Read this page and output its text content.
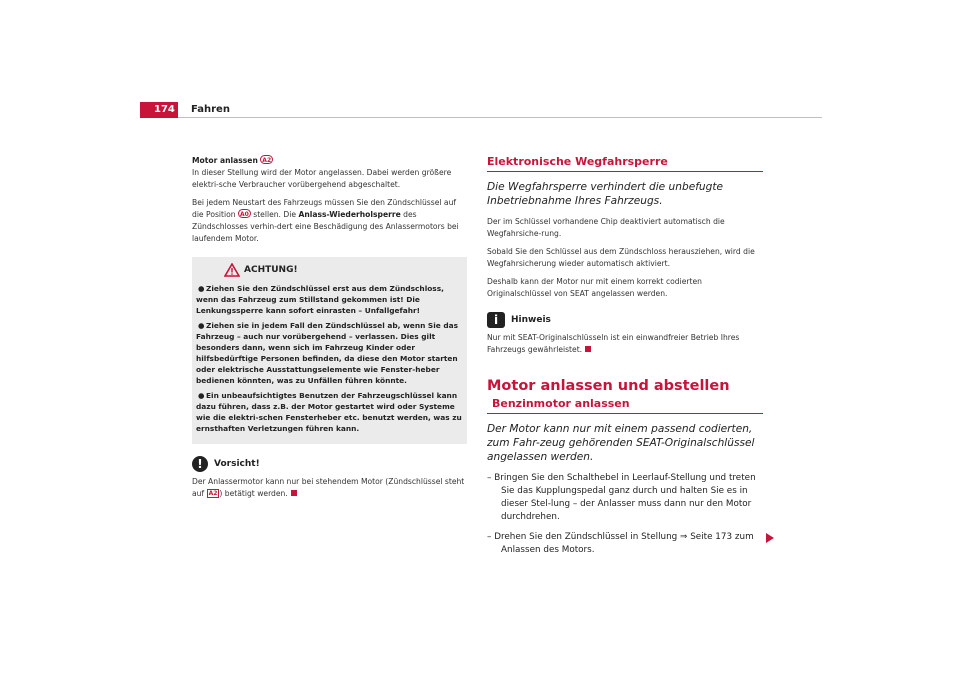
174	Fahren

Motor anlassen A2
In dieser Stellung wird der Motor angelassen. Dabei werden größere elektri-sche Verbraucher vorübergehend abgeschaltet.

Bei jedem Neustart des Fahrzeugs müssen Sie den Zündschlüssel auf die Position A0 stellen. Die Anlass-Wiederholsperre des Zündschlosses verhin-dert eine Beschädigung des Anlassermotors bei laufendem Motor.

ACHTUNG!

● Ziehen Sie den Zündschlüssel erst aus dem Zündschloss, wenn das Fahrzeug zum Stillstand gekommen ist! Die Lenkungssperre kann sofort einrasten – Unfallgefahr!

● Ziehen sie in jedem Fall den Zündschlüssel ab, wenn Sie das Fahrzeug – auch nur vorübergehend – verlassen. Dies gilt besonders dann, wenn sich im Fahrzeug Kinder oder hilfsbedürftige Personen befinden, da diese den Motor starten oder elektrische Ausstattungselemente wie Fenster-heber bedienen könnten, was zu Unfällen führen könnte.

● Ein unbeaufsichtigtes Benutzen der Fahrzeugschlüssel kann dazu führen, dass z.B. der Motor gestartet wird oder Systeme wie die elektri-schen Fensterheber etc. benutzt werden, was zu ernsthaften Verletzungen führen kann.

!	Vorsicht!

Der Anlassermotor kann nur bei stehendem Motor (Zündschlüssel steht auf A2 ) betätigt werden.

Elektronische Wegfahrsperre

Die Wegfahrsperre verhindert die unbefugte Inbetriebnahme Ihres Fahrzeugs.

Der im Schlüssel vorhandene Chip deaktiviert automatisch die Wegfahrsiche-rung.

Sobald Sie den Schlüssel aus dem Zündschloss herausziehen, wird die Wegfahrsicherung wieder automatisch aktiviert.

Deshalb kann der Motor nur mit einem korrekt codierten Originalschlüssel von SEAT angelassen werden.

i	Hinweis

Nur mit SEAT-Originalschlüsseln ist ein einwandfreier Betrieb Ihres Fahrzeugs gewährleistet.

Motor anlassen und abstellen

Benzinmotor anlassen

Der Motor kann nur mit einem passend codierten, zum Fahr-zeug gehörenden SEAT-Originalschlüssel angelassen werden.

– Bringen Sie den Schalthebel in Leerlauf-Stellung und treten Sie das Kupplungspedal ganz durch und halten Sie es in dieser Stel-lung – der Anlasser muss dann nur den Motor durchdrehen.

– Drehen Sie den Zündschlüssel in Stellung ⇒ Seite 173 zum Anlassen des Motors.
